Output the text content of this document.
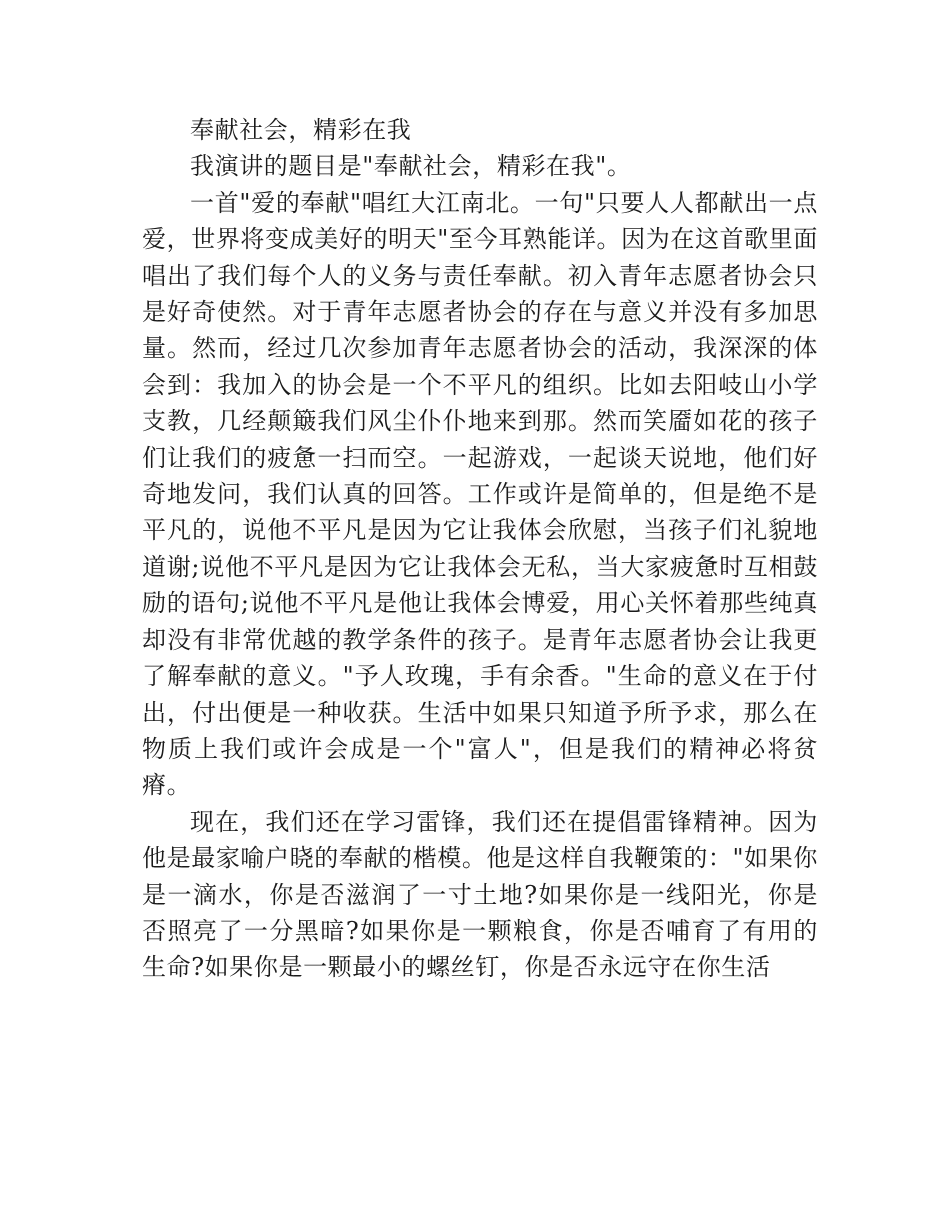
奉献社会，精彩在我

我演讲的题目是"奉献社会，精彩在我"。

一首"爱的奉献"唱红大江南北。一句"只要人人都献出一点爱，世界将变成美好的明天"至今耳熟能详。因为在这首歌里面唱出了我们每个人的义务与责任奉献。初入青年志愿者协会只是好奇使然。对于青年志愿者协会的存在与意义并没有多加思量。然而，经过几次参加青年志愿者协会的活动，我深深的体会到：我加入的协会是一个不平凡的组织。比如去阳岐山小学支教，几经颠簸我们风尘仆仆地来到那。然而笑靥如花的孩子们让我们的疲惫一扫而空。一起游戏，一起谈天说地，他们好奇地发问，我们认真的回答。工作或许是简单的，但是绝不是平凡的，说他不平凡是因为它让我体会欣慰，当孩子们礼貌地道谢;说他不平凡是因为它让我体会无私，当大家疲惫时互相鼓励的语句;说他不平凡是他让我体会博爱，用心关怀着那些纯真却没有非常优越的教学条件的孩子。是青年志愿者协会让我更了解奉献的意义。"予人玫瑰，手有余香。"生命的意义在于付出，付出便是一种收获。生活中如果只知道予所予求，那么在物质上我们或许会成是一个"富人"，但是我们的精神必将贫瘠。

现在，我们还在学习雷锋，我们还在提倡雷锋精神。因为他是最家喻户晓的奉献的楷模。他是这样自我鞭策的："如果你是一滴水，你是否滋润了一寸土地?如果你是一线阳光，你是否照亮了一分黑暗?如果你是一颗粮食，你是否哺育了有用的生命?如果你是一颗最小的螺丝钉，你是否永远守在你生活
